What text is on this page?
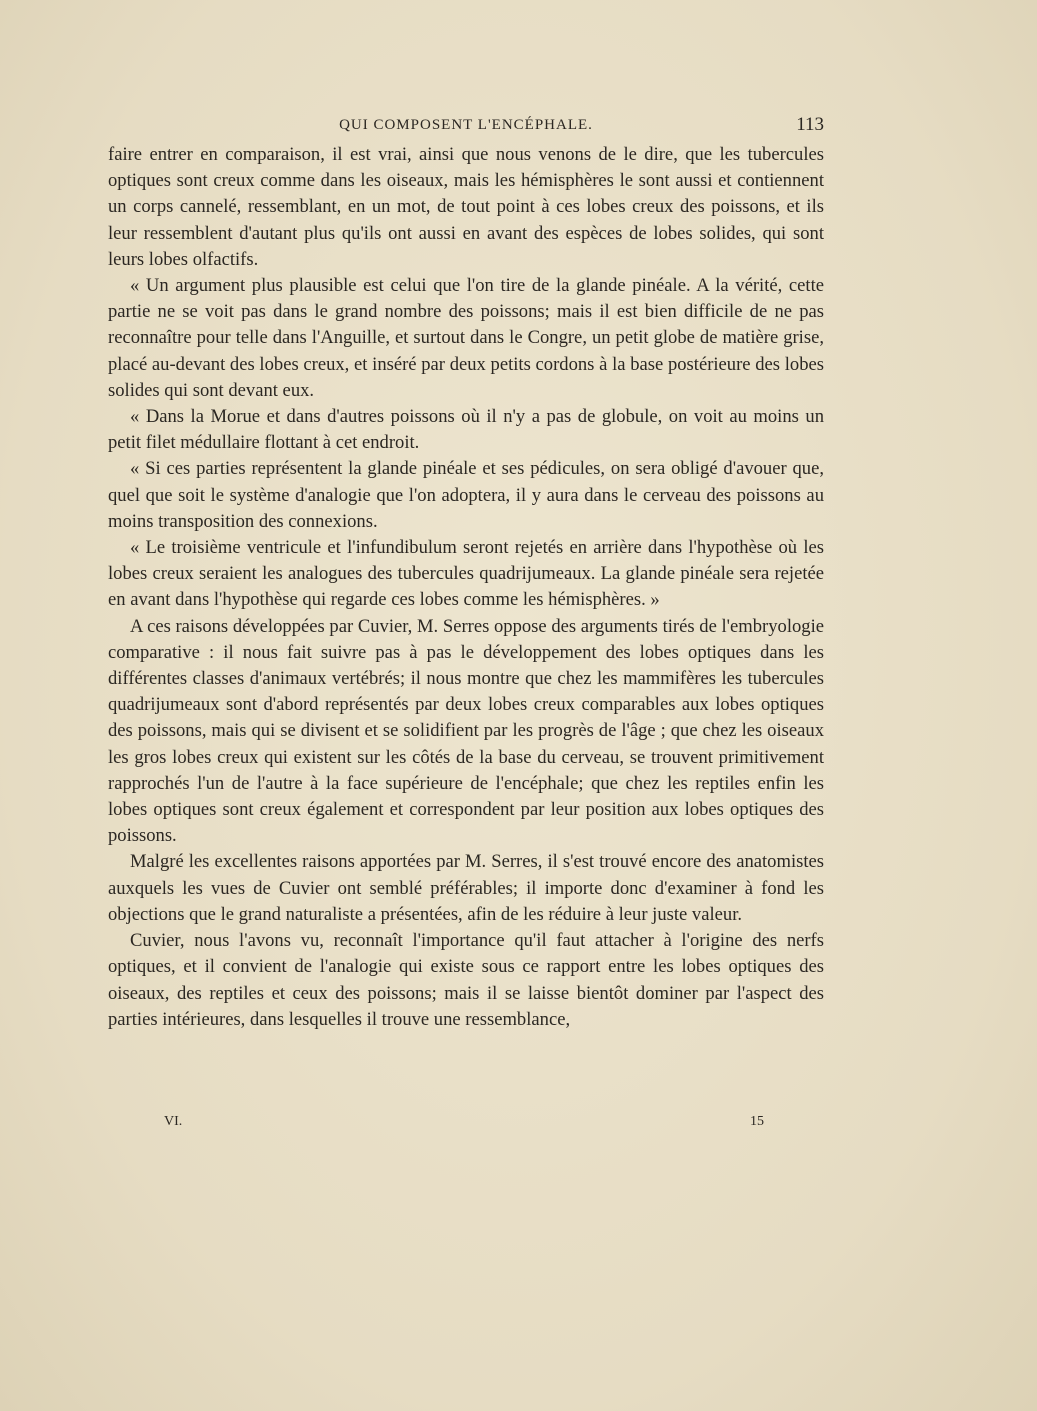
QUI COMPOSENT L'ENCÉPHALE.	113

faire entrer en comparaison, il est vrai, ainsi que nous venons de le dire, que les tubercules optiques sont creux comme dans les oiseaux, mais les hémisphères le sont aussi et contiennent un corps cannelé, ressemblant, en un mot, de tout point à ces lobes creux des poissons, et ils leur ressemblent d'autant plus qu'ils ont aussi en avant des espèces de lobes solides, qui sont leurs lobes olfactifs.

« Un argument plus plausible est celui que l'on tire de la glande pinéale. A la vérité, cette partie ne se voit pas dans le grand nombre des poissons; mais il est bien difficile de ne pas reconnaître pour telle dans l'Anguille, et surtout dans le Congre, un petit globe de matière grise, placé au-devant des lobes creux, et inséré par deux petits cordons à la base postérieure des lobes solides qui sont devant eux.

« Dans la Morue et dans d'autres poissons où il n'y a pas de globule, on voit au moins un petit filet médullaire flottant à cet endroit.

« Si ces parties représentent la glande pinéale et ses pédicules, on sera obligé d'avouer que, quel que soit le système d'analogie que l'on adoptera, il y aura dans le cerveau des poissons au moins transposition des connexions.

« Le troisième ventricule et l'infundibulum seront rejetés en arrière dans l'hypothèse où les lobes creux seraient les analogues des tubercules quadrijumeaux. La glande pinéale sera rejetée en avant dans l'hypothèse qui regarde ces lobes comme les hémisphères. »

A ces raisons développées par Cuvier, M. Serres oppose des arguments tirés de l'embryologie comparative : il nous fait suivre pas à pas le développement des lobes optiques dans les différentes classes d'animaux vertébrés; il nous montre que chez les mammifères les tubercules quadrijumeaux sont d'abord représentés par deux lobes creux comparables aux lobes optiques des poissons, mais qui se divisent et se solidifient par les progrès de l'âge ; que chez les oiseaux les gros lobes creux qui existent sur les côtés de la base du cerveau, se trouvent primitivement rapprochés l'un de l'autre à la face supérieure de l'encéphale; que chez les reptiles enfin les lobes optiques sont creux également et correspondent par leur position aux lobes optiques des poissons.

Malgré les excellentes raisons apportées par M. Serres, il s'est trouvé encore des anatomistes auxquels les vues de Cuvier ont semblé préférables; il importe donc d'examiner à fond les objections que le grand naturaliste a présentées, afin de les réduire à leur juste valeur.

Cuvier, nous l'avons vu, reconnaît l'importance qu'il faut attacher à l'origine des nerfs optiques, et il convient de l'analogie qui existe sous ce rapport entre les lobes optiques des oiseaux, des reptiles et ceux des poissons; mais il se laisse bientôt dominer par l'aspect des parties intérieures, dans lesquelles il trouve une ressemblance,

VI.	15
